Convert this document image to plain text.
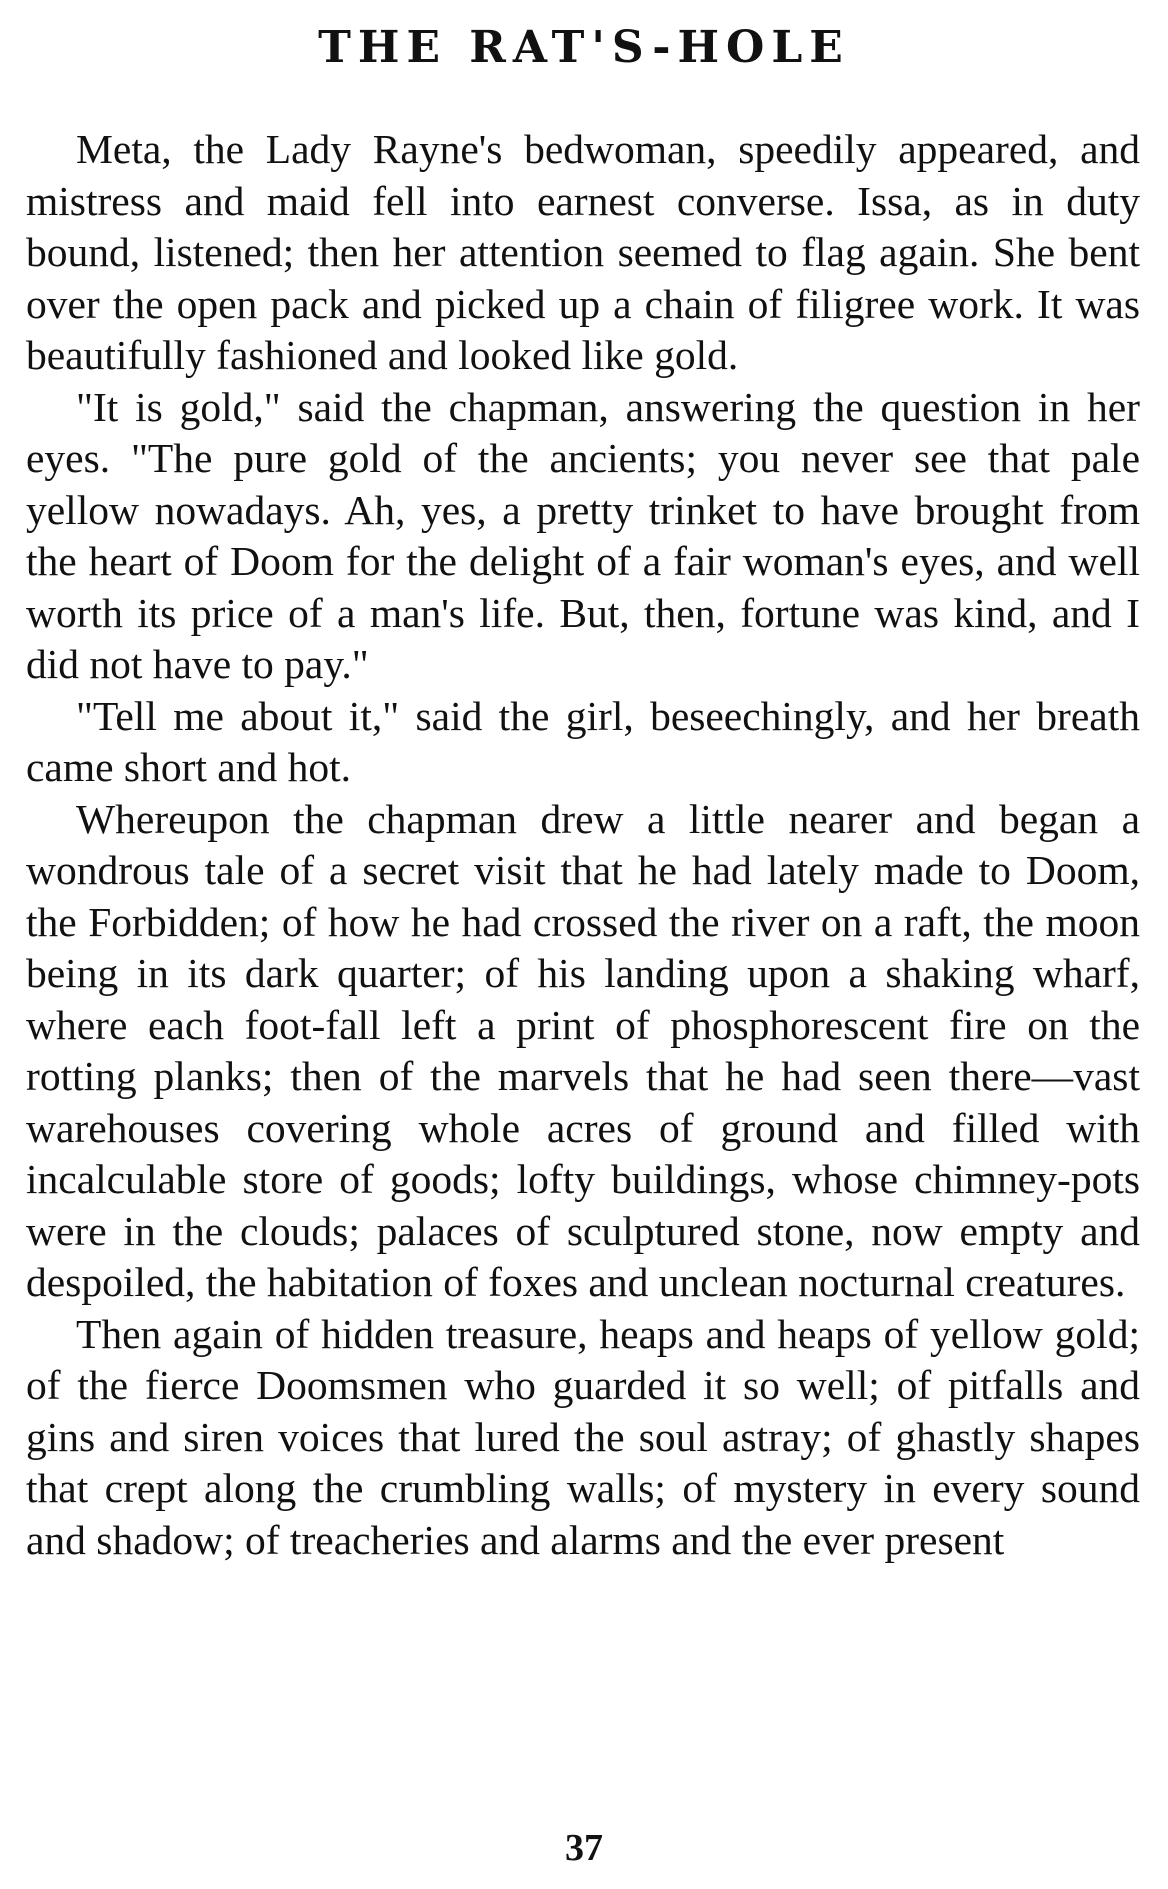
THE RAT'S-HOLE

Meta, the Lady Rayne's bedwoman, speedily appeared, and mistress and maid fell into earnest converse. Issa, as in duty bound, listened; then her attention seemed to flag again. She bent over the open pack and picked up a chain of filigree work. It was beautifully fashioned and looked like gold.

"It is gold," said the chapman, answering the question in her eyes. "The pure gold of the ancients; you never see that pale yellow nowadays. Ah, yes, a pretty trinket to have brought from the heart of Doom for the delight of a fair woman's eyes, and well worth its price of a man's life. But, then, fortune was kind, and I did not have to pay."

"Tell me about it," said the girl, beseechingly, and her breath came short and hot.

Whereupon the chapman drew a little nearer and began a wondrous tale of a secret visit that he had lately made to Doom, the Forbidden; of how he had crossed the river on a raft, the moon being in its dark quarter; of his landing upon a shaking wharf, where each foot-fall left a print of phosphorescent fire on the rotting planks; then of the marvels that he had seen there—vast warehouses covering whole acres of ground and filled with incalculable store of goods; lofty buildings, whose chimney-pots were in the clouds; palaces of sculptured stone, now empty and despoiled, the habitation of foxes and unclean nocturnal creatures.

Then again of hidden treasure, heaps and heaps of yellow gold; of the fierce Doomsmen who guarded it so well; of pitfalls and gins and siren voices that lured the soul astray; of ghastly shapes that crept along the crumbling walls; of mystery in every sound and shadow; of treacheries and alarms and the ever present

37
